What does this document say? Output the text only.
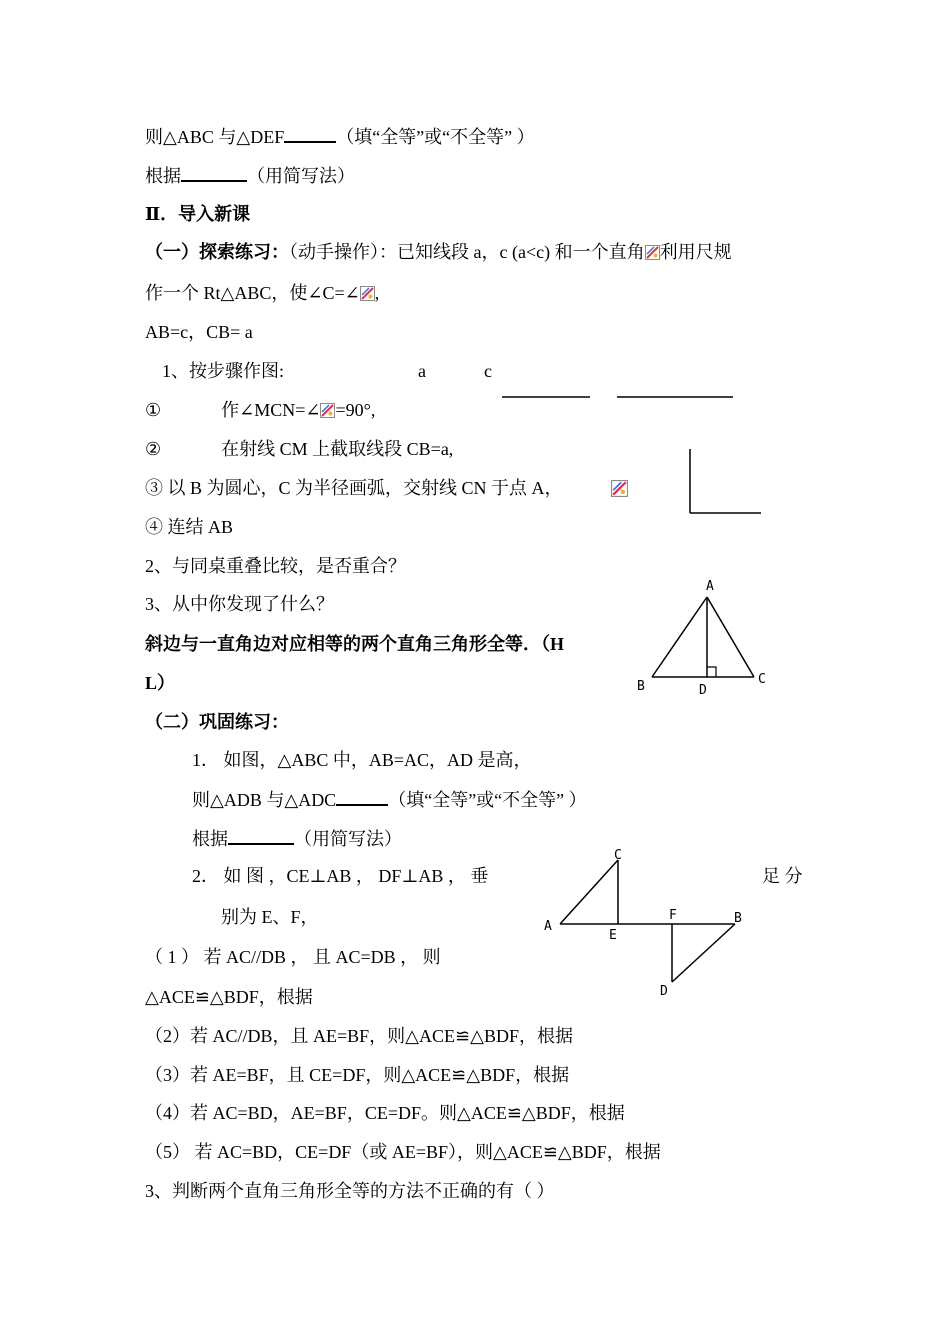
则△ABC 与△DEF	（填“全等”或“不全等” ）
根据	（用简写法）
Ⅱ．导入新课
（一）探索练习：（动手操作）：已知线段 a，c (a<c) 和一个直角 利用尺规
作一个 Rt△ABC，使∠C=∠ ,
AB=c，CB= a
1、按步骤作图:	a	c
①	作∠MCN=∠ =90°,
②	在射线 CM 上截取线段 CB=a,
③ 以 B 为圆心，C 为半径画弧，交射线 CN 于点 A，
④ 连结 AB
2、与同桌重叠比较，是否重合？
3、从中你发现了什么？
斜边与一直角边对应相等的两个直角三角形全等．（H
L）
A
B	C
D
（二）巩固练习：
1． 如图，△ABC 中，AB=AC，AD 是高，
则△ADB 与△ADC	（填“全等”或“不全等” ）
根据	（用简写法）
2． 如 图 ，CE⊥AB ， DF⊥AB ， 垂	足 分
别为 E、F，
C
A
E
F	B
D
（ 1 ） 若 AC//DB ， 且 AC=DB ， 则
△ACE≌△BDF，根据
（2）若 AC//DB，且 AE=BF，则△ACE≌△BDF，根据
（3）若 AE=BF，且 CE=DF，则△ACE≌△BDF，根据
（4）若 AC=BD，AE=BF，CE=DF。则△ACE≌△BDF，根据
（5） 若 AC=BD，CE=DF（或 AE=BF），则△ACE≌△BDF，根据
3、判断两个直角三角形全等的方法不正确的有（ ）
